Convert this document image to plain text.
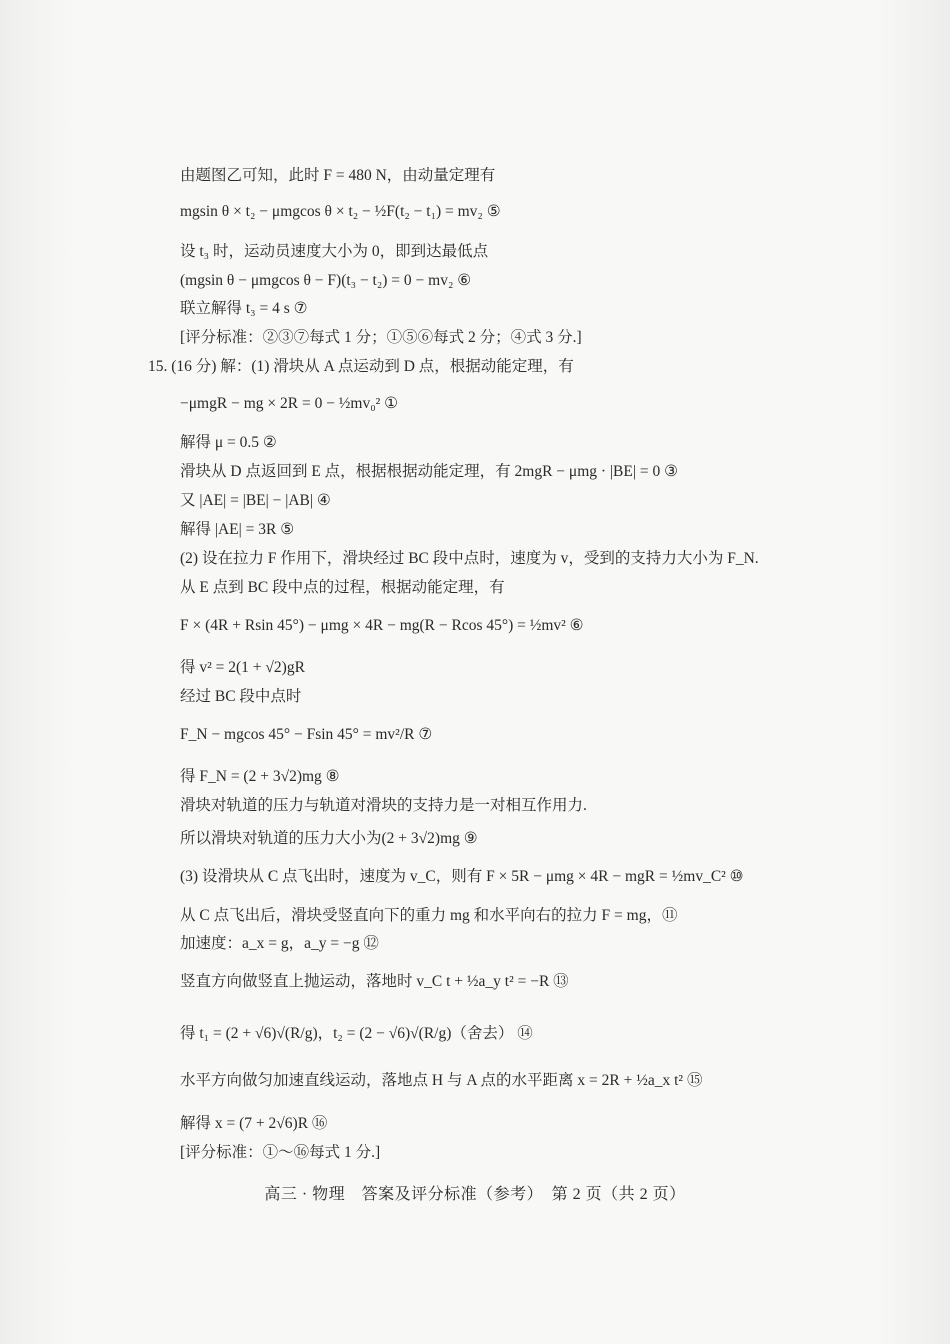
由题图乙可知，此时 F = 480 N，由动量定理有
mgsin θ × t₂ − μmgcos θ × t₂ − ½F(t₂ − t₁) = mv₂ ⑤
设 t₃ 时，运动员速度大小为 0，即到达最低点
(mgsin θ − μmgcos θ − F)(t₃ − t₂) = 0 − mv₂ ⑥
联立解得 t₃ = 4 s ⑦
[评分标准：②③⑦每式 1 分；①⑤⑥每式 2 分；④式 3 分.]
15. (16 分) 解：(1) 滑块从 A 点运动到 D 点，根据动能定理，有
−μmgR − mg × 2R = 0 − ½mv₀² ①
解得 μ = 0.5 ②
滑块从 D 点返回到 E 点，根据根据动能定理，有 2mgR − μmg · |BE| = 0 ③
又 |AE| = |BE| − |AB| ④
解得 |AE| = 3R ⑤
(2) 设在拉力 F 作用下，滑块经过 BC 段中点时，速度为 v，受到的支持力大小为 F_N.
从 E 点到 BC 段中点的过程，根据动能定理，有
F × (4R + Rsin 45°) − μmg × 4R − mg(R − Rcos 45°) = ½mv² ⑥
得 v² = 2(1 + √2)gR
经过 BC 段中点时
F_N − mgcos 45° − Fsin 45° = mv²/R ⑦
得 F_N = (2 + 3√2)mg ⑧
滑块对轨道的压力与轨道对滑块的支持力是一对相互作用力.
所以滑块对轨道的压力大小为(2 + 3√2)mg ⑨
(3) 设滑块从 C 点飞出时，速度为 v_C，则有 F × 5R − μmg × 4R − mgR = ½mv_C² ⑩
从 C 点飞出后，滑块受竖直向下的重力 mg 和水平向右的拉力 F = mg，⑪
加速度：a_x = g，a_y = −g ⑫
竖直方向做竖直上抛运动，落地时 v_C t + ½a_y t² = −R ⑬
得 t₁ = (2 + √6)√(R/g)，t₂ = (2 − √6)√(R/g)（舍去） ⑭
水平方向做匀加速直线运动，落地点 H 与 A 点的水平距离 x = 2R + ½a_x t² ⑮
解得 x = (7 + 2√6)R ⑯
[评分标准：①～⑯每式 1 分.]
高三 · 物理　答案及评分标准（参考）　第 2 页（共 2 页）
